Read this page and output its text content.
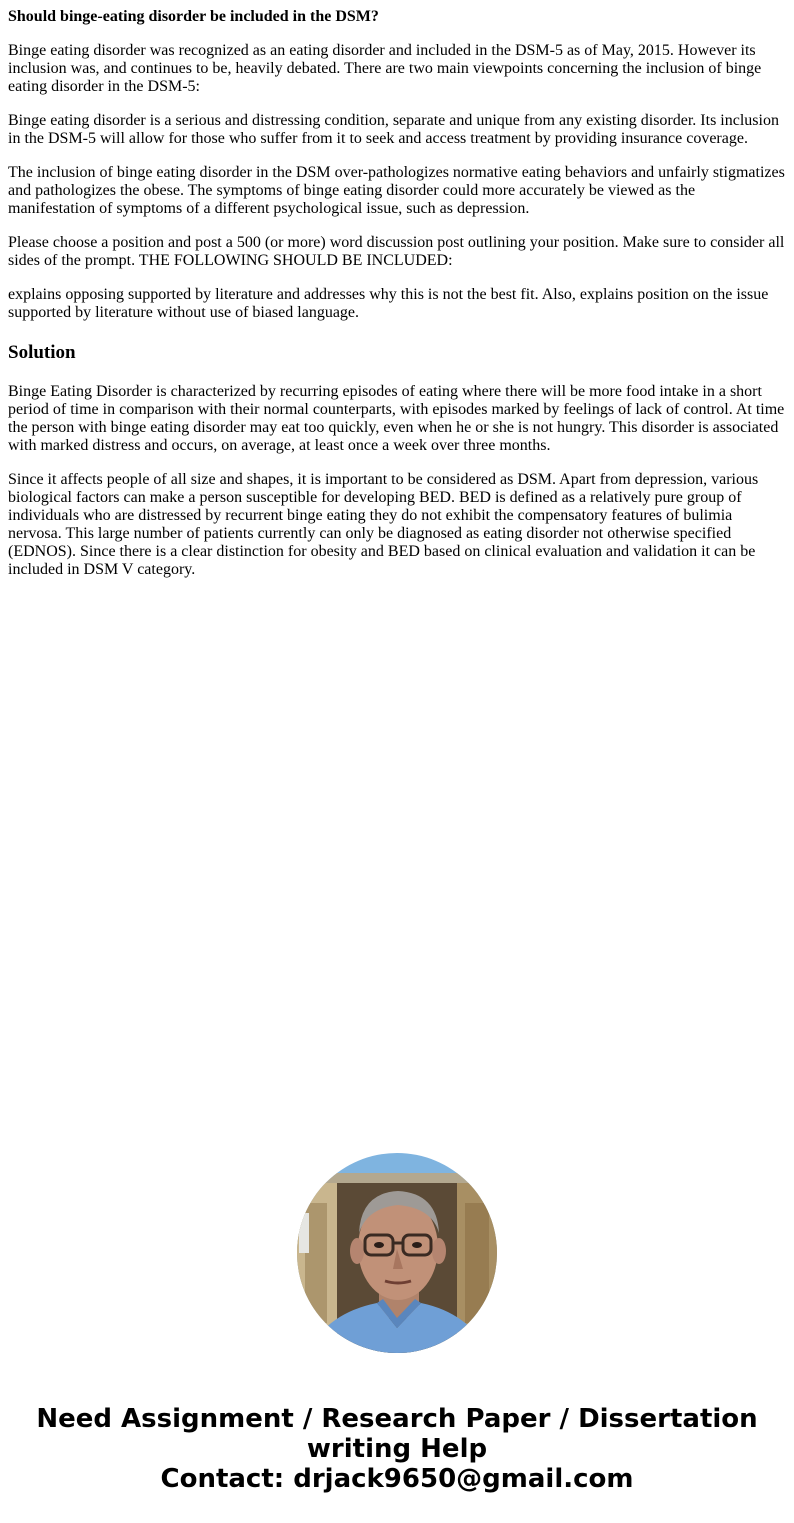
Should binge-eating disorder be included in the DSM?

Binge eating disorder was recognized as an eating disorder and included in the DSM-5 as of May, 2015. However its inclusion was, and continues to be, heavily debated. There are two main viewpoints concerning the inclusion of binge eating disorder in the DSM-5:

Binge eating disorder is a serious and distressing condition, separate and unique from any existing disorder. Its inclusion in the DSM-5 will allow for those who suffer from it to seek and access treatment by providing insurance coverage.

The inclusion of binge eating disorder in the DSM over-pathologizes normative eating behaviors and unfairly stigmatizes and pathologizes the obese. The symptoms of binge eating disorder could more accurately be viewed as the manifestation of symptoms of a different psychological issue, such as depression.

Please choose a position and post a 500 (or more) word discussion post outlining your position. Make sure to consider all sides of the prompt. THE FOLLOWING SHOULD BE INCLUDED:

explains opposing supported by literature and addresses why this is not the best fit. Also, explains position on the issue supported by literature without use of biased language.

Solution

Binge Eating Disorder is characterized by recurring episodes of eating where there will be more food intake in a short period of time in comparison with their normal counterparts, with episodes marked by feelings of lack of control. At time the person with binge eating disorder may eat too quickly, even when he or she is not hungry. This disorder is associated with marked distress and occurs, on average, at least once a week over three months.

Since it affects people of all size and shapes, it is important to be considered as DSM. Apart from depression, various biological factors can make a person susceptible for developing BED. BED is defined as a relatively pure group of individuals who are distressed by recurrent binge eating they do not exhibit the compensatory features of bulimia nervosa. This large number of patients currently can only be diagnosed as eating disorder not otherwise specified (EDNOS). Since there is a clear distinction for obesity and BED based on clinical evaluation and validation it can be included in DSM V category.

Need Assignment / Research Paper / Dissertation
writing Help
Contact: drjack9650@gmail.com
